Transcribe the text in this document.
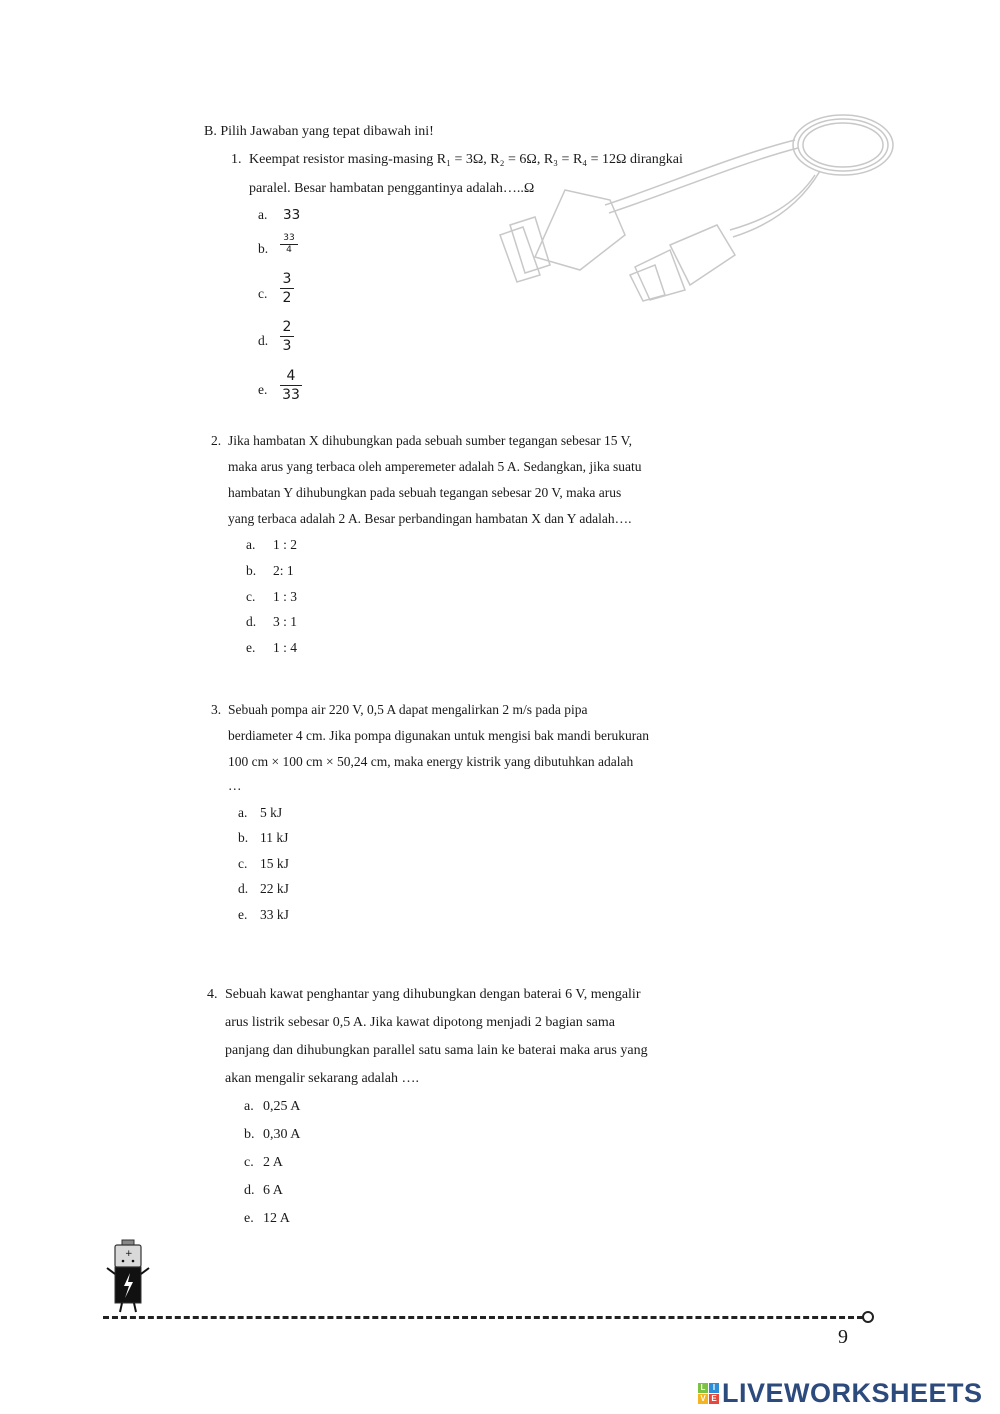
B. Pilih Jawaban yang tepat dibawah ini!
1. Keempat resistor masing-masing R₁ = 3Ω, R₂ = 6Ω, R₃ = R₄ = 12Ω dirangkai
paralel. Besar hambatan penggantinya adalah…..Ω
a. 33
b.
33
4
c.
3
2
d.
2
3
e.
4
33
2. Jika hambatan X dihubungkan pada sebuah sumber tegangan sebesar 15 V,
maka arus yang terbaca oleh amperemeter adalah 5 A. Sedangkan, jika suatu
hambatan Y dihubungkan pada sebuah tegangan sebesar 20 V, maka arus
yang terbaca adalah 2 A. Besar perbandingan hambatan X dan Y adalah….
a. 1 : 2
b. 2: 1
c. 1 : 3
d. 3 : 1
e. 1 : 4
3. Sebuah pompa air 220 V, 0,5 A dapat mengalirkan 2 m/s pada pipa
berdiameter 4 cm. Jika pompa digunakan untuk mengisi bak mandi berukuran
100 cm × 100 cm × 50,24 cm, maka energy kistrik yang dibutuhkan adalah
…
a. 5 kJ
b. 11 kJ
c. 15 kJ
d. 22 kJ
e. 33 kJ
4. Sebuah kawat penghantar yang dihubungkan dengan baterai 6 V, mengalir
arus listrik sebesar 0,5 A. Jika kawat dipotong menjadi 2 bagian sama
panjang dan dihubungkan parallel satu sama lain ke baterai maka arus yang
akan mengalir sekarang adalah ….
a. 0,25 A
b. 0,30 A
c. 2 A
d. 6 A
e. 12 A
+
9
L I
V E LIVEWORKSHEETS
